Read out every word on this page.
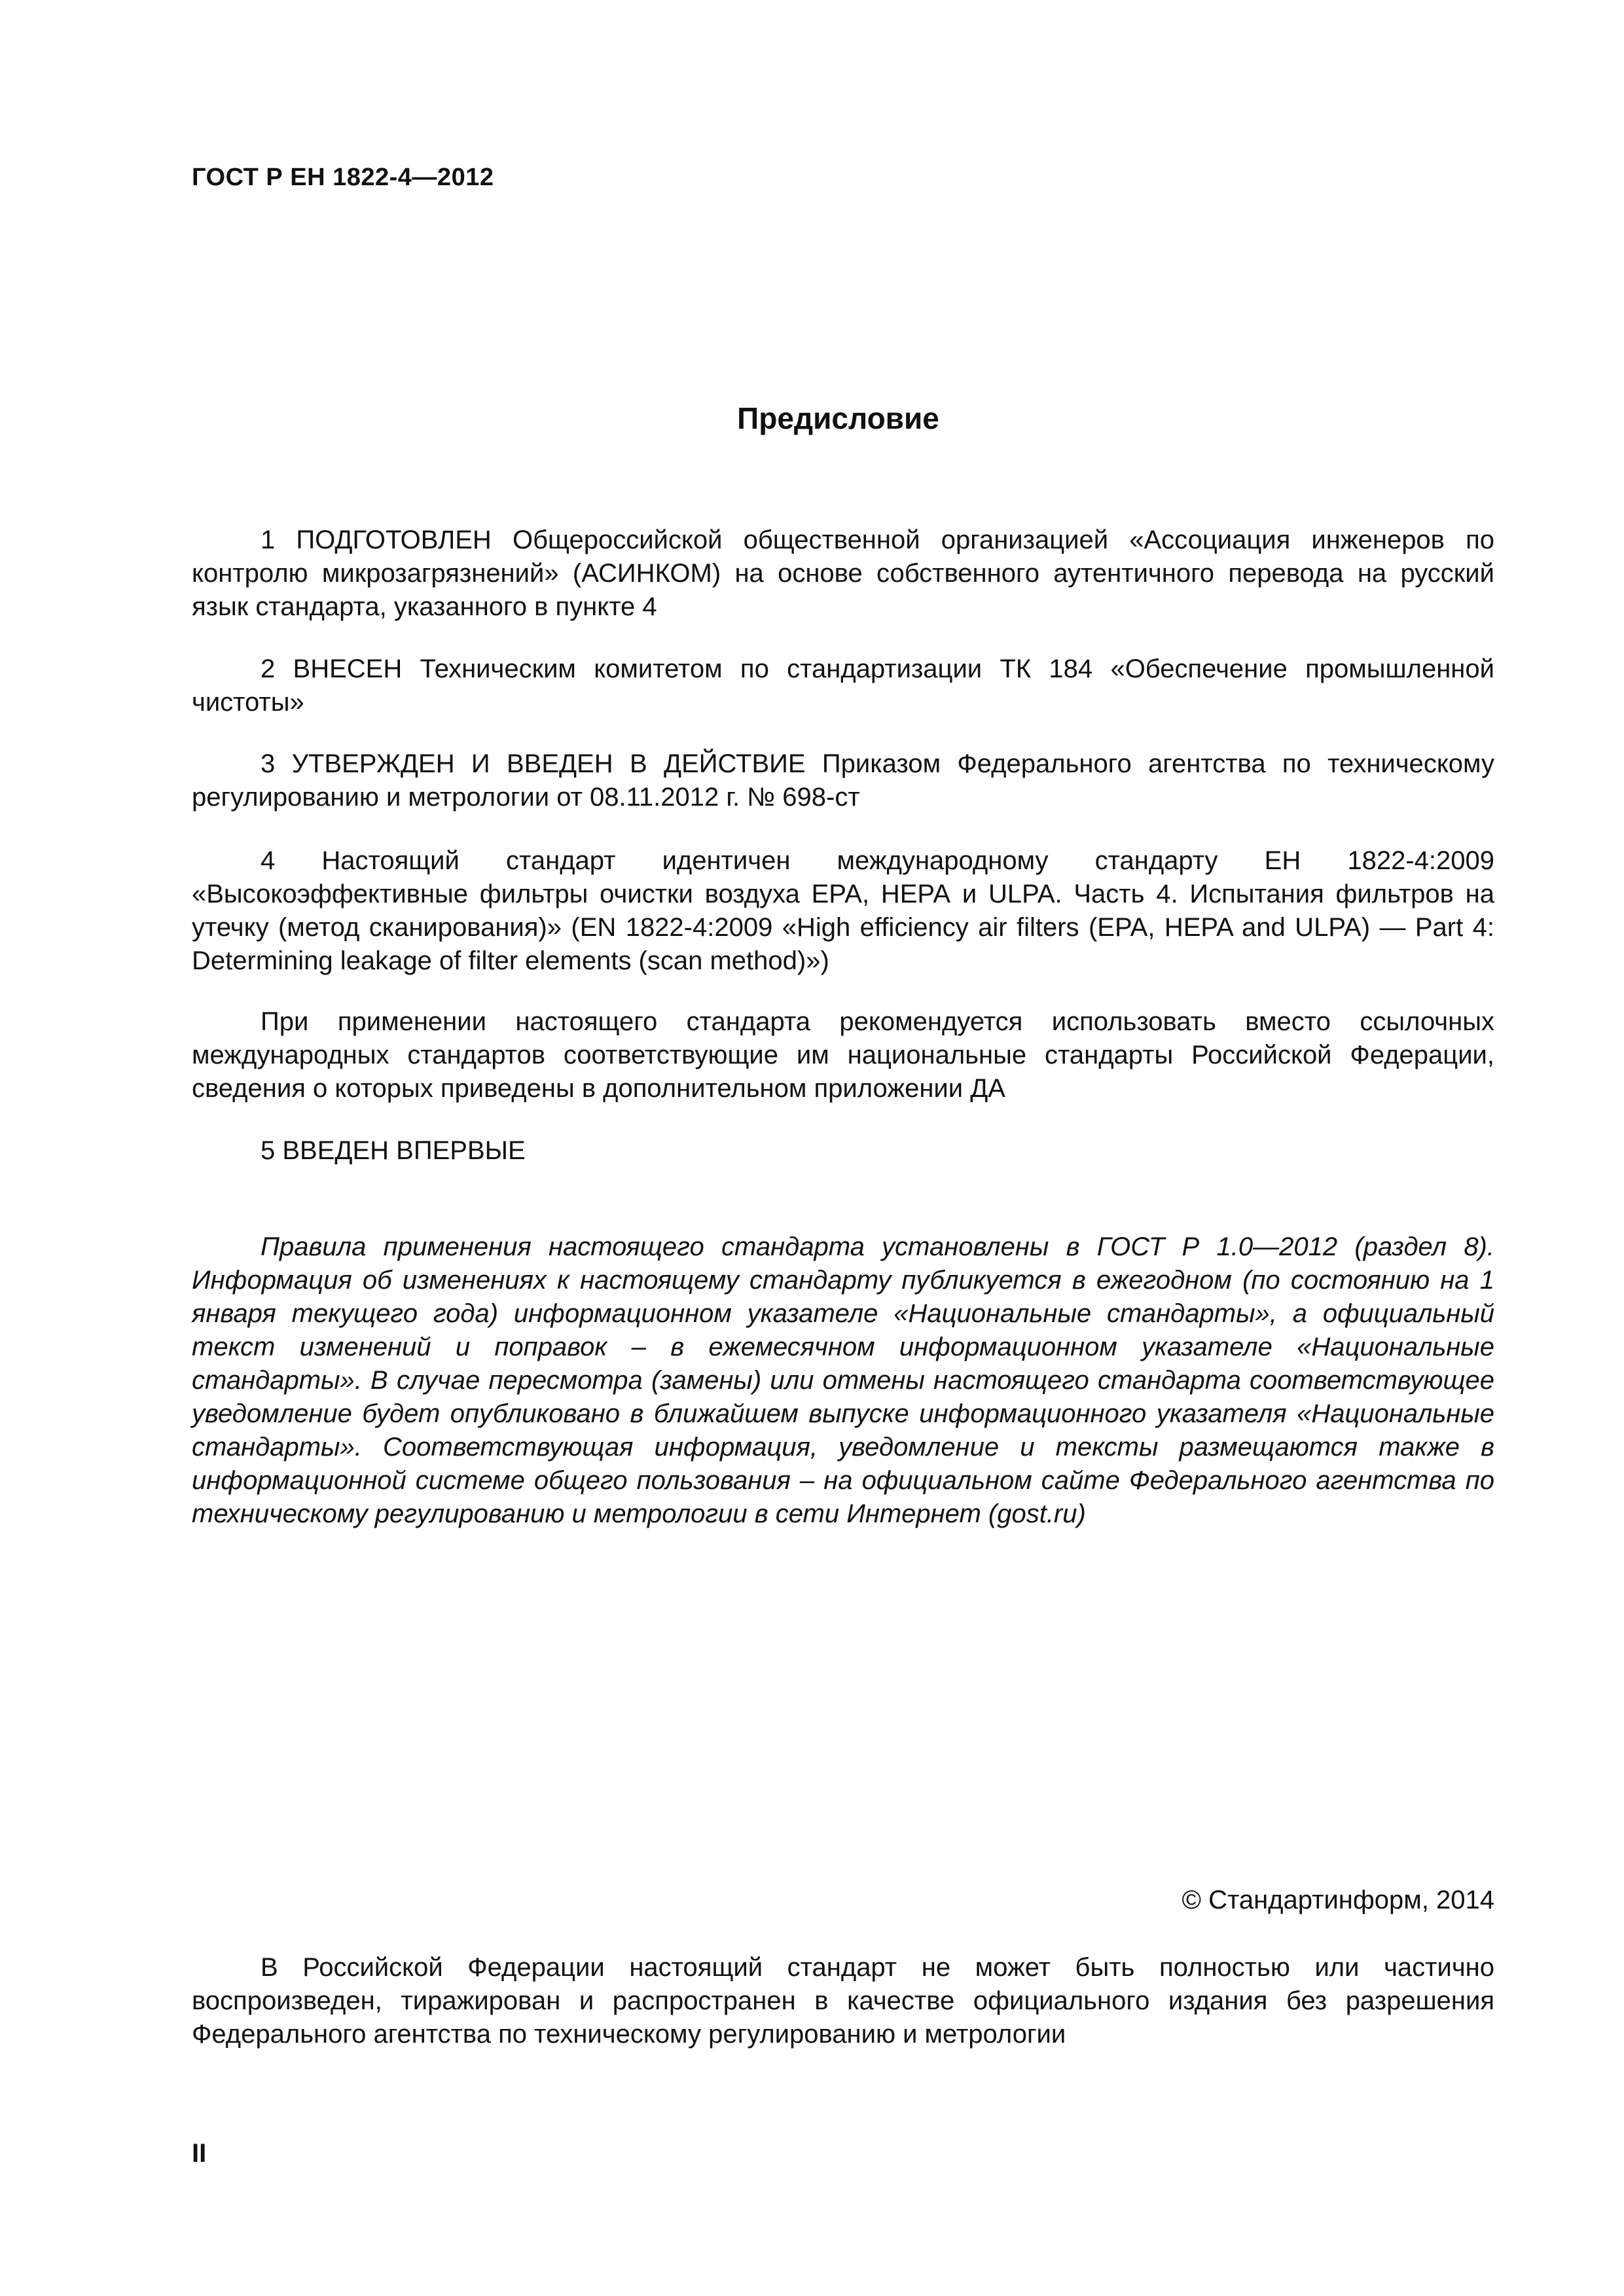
ГОСТ Р ЕН 1822-4—2012
Предисловие

1 ПОДГОТОВЛЕН Общероссийской общественной организацией «Ассоциация инженеров по контролю микрозагрязнений» (АСИНКОМ) на основе собственного аутентичного перевода на русский язык стандарта, указанного в пункте 4

2 ВНЕСЕН Техническим комитетом по стандартизации ТК 184 «Обеспечение промышленной чистоты»

3 УТВЕРЖДЕН И ВВЕДЕН В ДЕЙСТВИЕ Приказом Федерального агентства по техническому регулированию и метрологии от 08.11.2012 г. № 698-ст

4 Настоящий стандарт идентичен международному стандарту ЕН 1822-4:2009 «Высокоэффективные фильтры очистки воздуха ЕРА, НЕРА и ULPA. Часть 4. Испытания фильтров на утечку (метод сканирования)» (EN 1822-4:2009 «High efficiency air filters (EPA, HEPA and ULPA) — Part 4: Determining leakage of filter elements (scan method)»)

При применении настоящего стандарта рекомендуется использовать вместо ссылочных международных стандартов соответствующие им национальные стандарты Российской Федерации, сведения о которых приведены в дополнительном приложении ДА

5 ВВЕДЕН ВПЕРВЫЕ

Правила применения настоящего стандарта установлены в ГОСТ Р 1.0—2012 (раздел 8). Информация об изменениях к настоящему стандарту публикуется в ежегодном (по состоянию на 1 января текущего года) информационном указателе «Национальные стандарты», а официальный текст изменений и поправок – в ежемесячном информационном указателе «Национальные стандарты». В случае пересмотра (замены) или отмены настоящего стандарта соответствующее уведомление будет опубликовано в ближайшем выпуске информационного указателя «Национальные стандарты». Соответствующая информация, уведомление и тексты размещаются также в информационной системе общего пользования – на официальном сайте Федерального агентства по техническому регулированию и метрологии в сети Интернет (gost.ru)

© Стандартинформ, 2014

В Российской Федерации настоящий стандарт не может быть полностью или частично воспроизведен, тиражирован и распространен в качестве официального издания без разрешения Федерального агентства по техническому регулированию и метрологии

II
